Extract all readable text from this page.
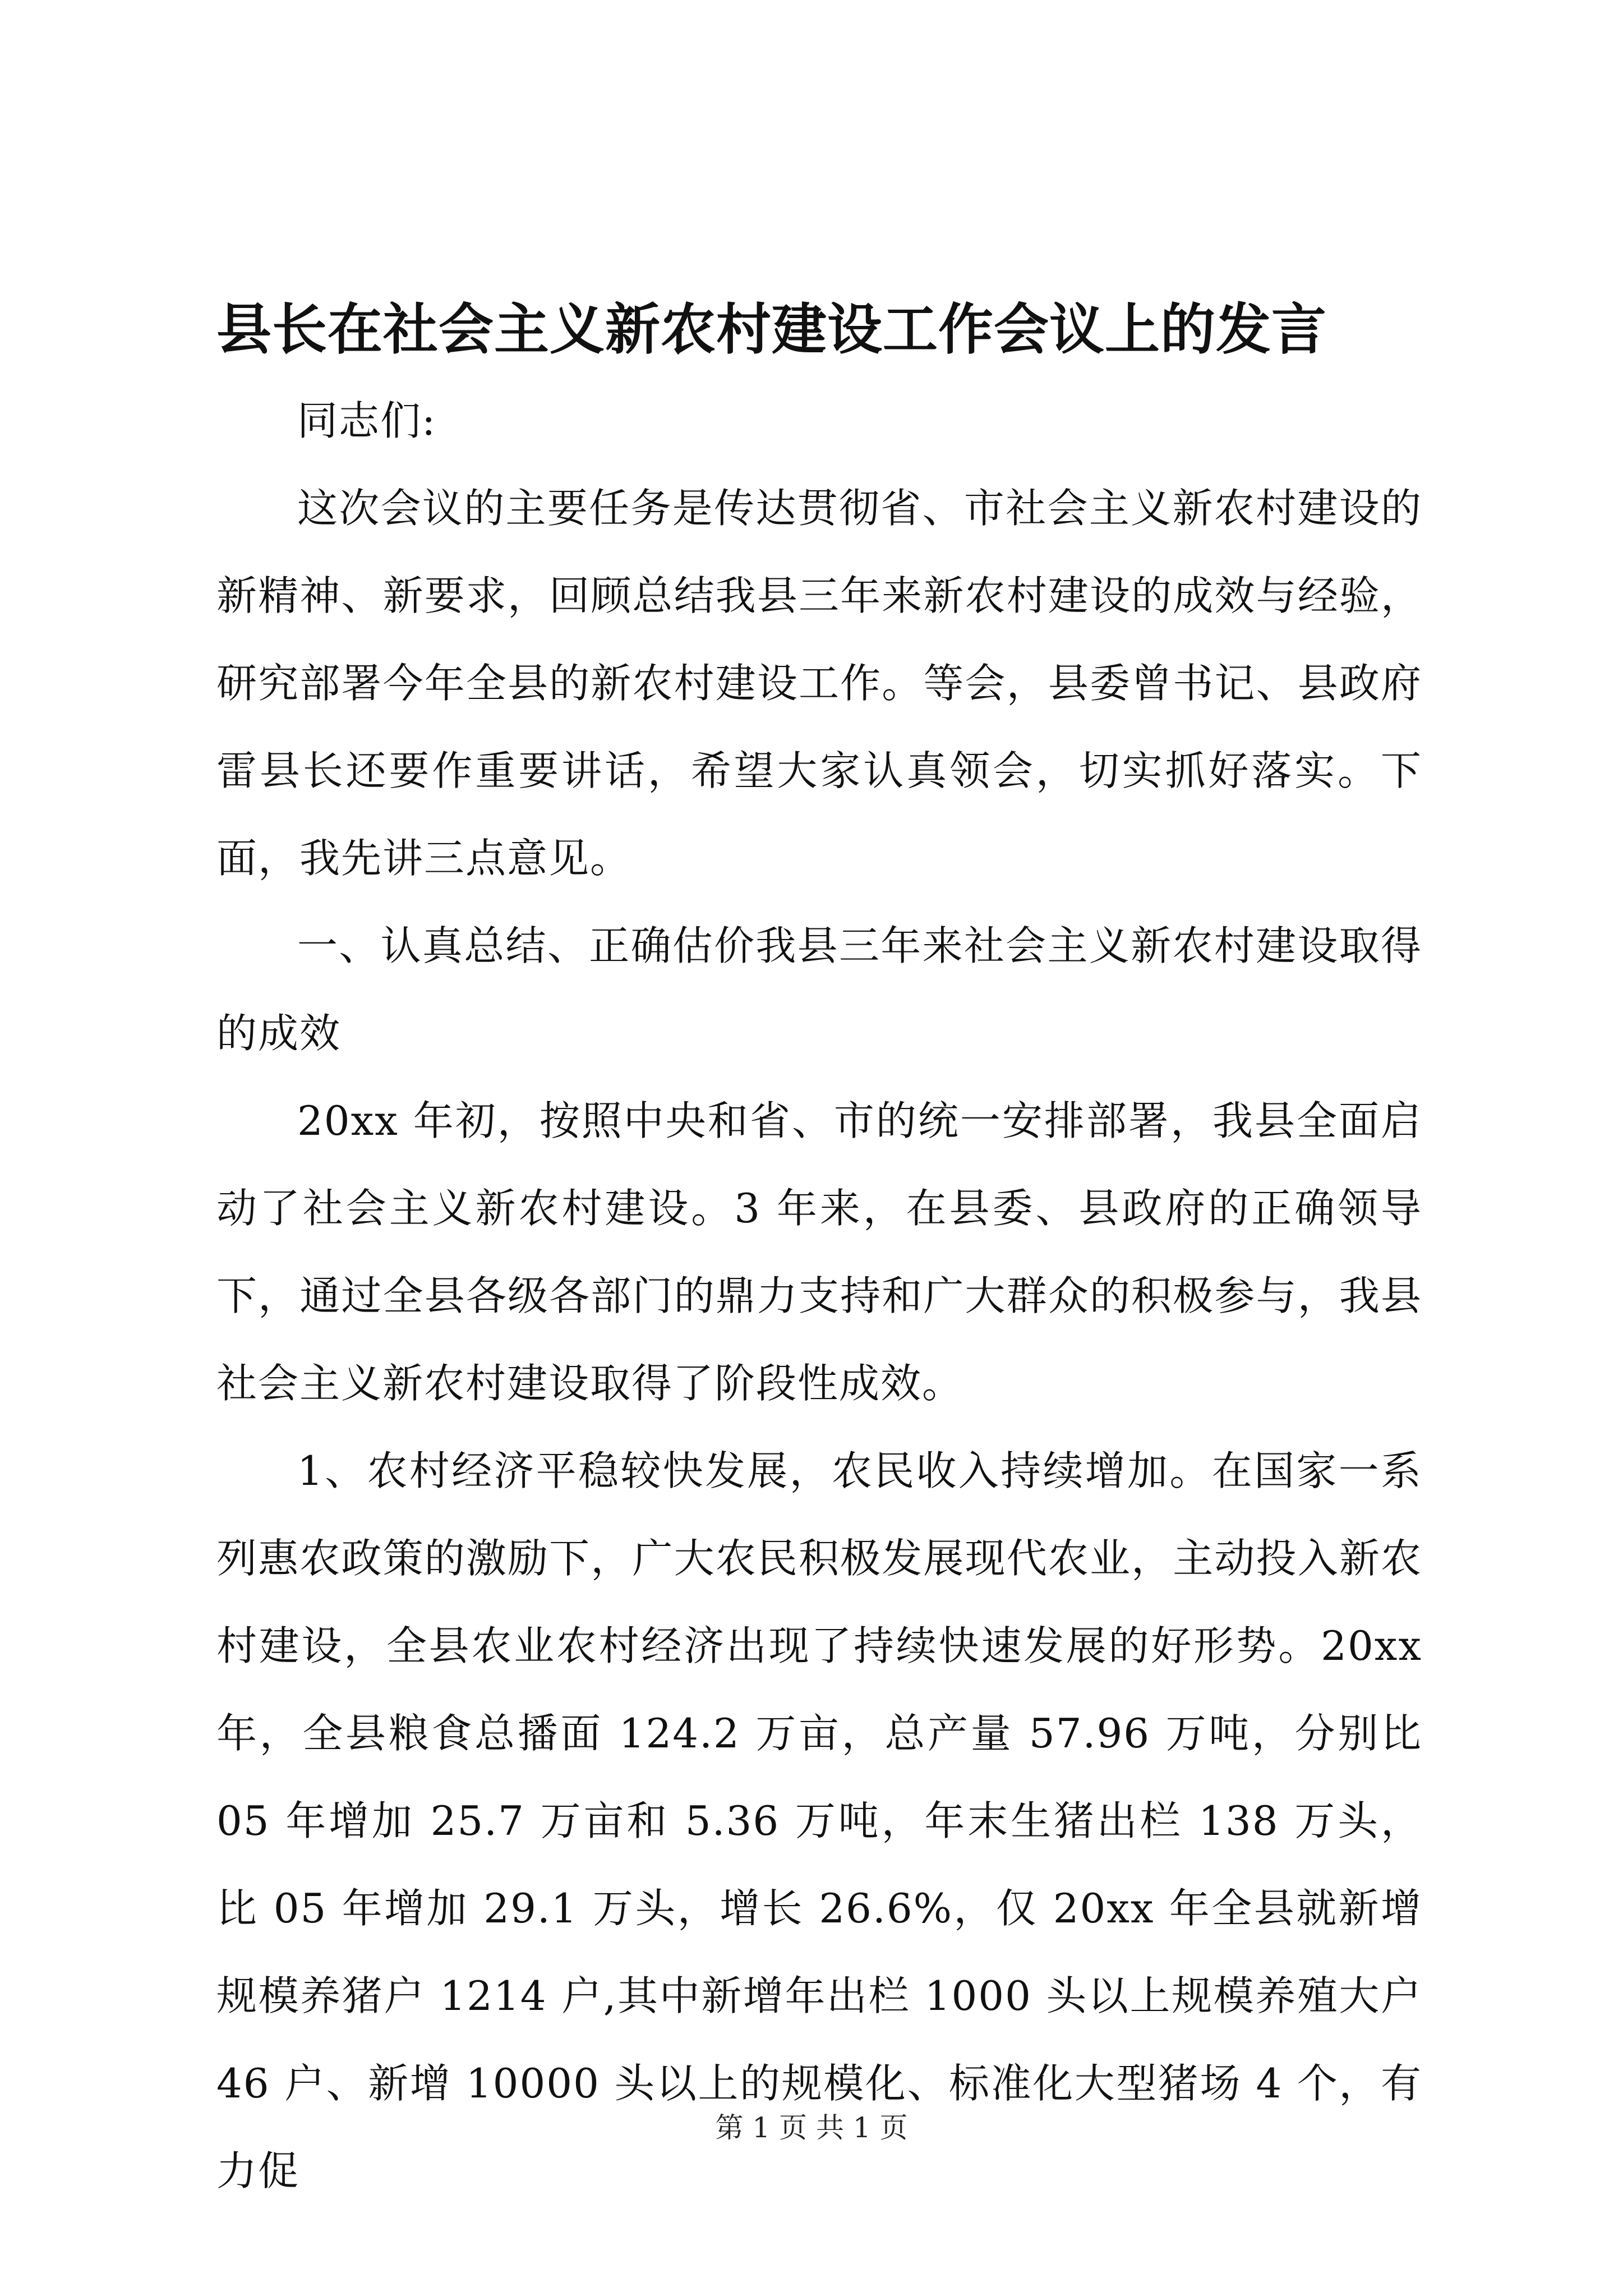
县长在社会主义新农村建设工作会议上的发言

同志们:

这次会议的主要任务是传达贯彻省、市社会主义新农村建设的新精神、新要求，回顾总结我县三年来新农村建设的成效与经验，研究部署今年全县的新农村建设工作。等会，县委曾书记、县政府雷县长还要作重要讲话，希望大家认真领会，切实抓好落实。下面，我先讲三点意见。

一、认真总结、正确估价我县三年来社会主义新农村建设取得的成效

20xx 年初，按照中央和省、市的统一安排部署，我县全面启动了社会主义新农村建设。3 年来，在县委、县政府的正确领导下，通过全县各级各部门的鼎力支持和广大群众的积极参与，我县社会主义新农村建设取得了阶段性成效。

1、农村经济平稳较快发展，农民收入持续增加。在国家一系列惠农政策的激励下，广大农民积极发展现代农业，主动投入新农村建设，全县农业农村经济出现了持续快速发展的好形势。20xx 年，全县粮食总播面 124.2 万亩，总产量 57.96 万吨，分别比 05 年增加 25.7 万亩和 5.36 万吨，年末生猪出栏 138 万头，比 05 年增加 29.1 万头，增长 26.6%，仅 20xx 年全县就新增规模养猪户 1214 户,其中新增年出栏 1000 头以上规模养殖大户 46 户、新增 10000 头以上的规模化、标准化大型猪场 4 个，有力促

第 1 页 共 1 页
